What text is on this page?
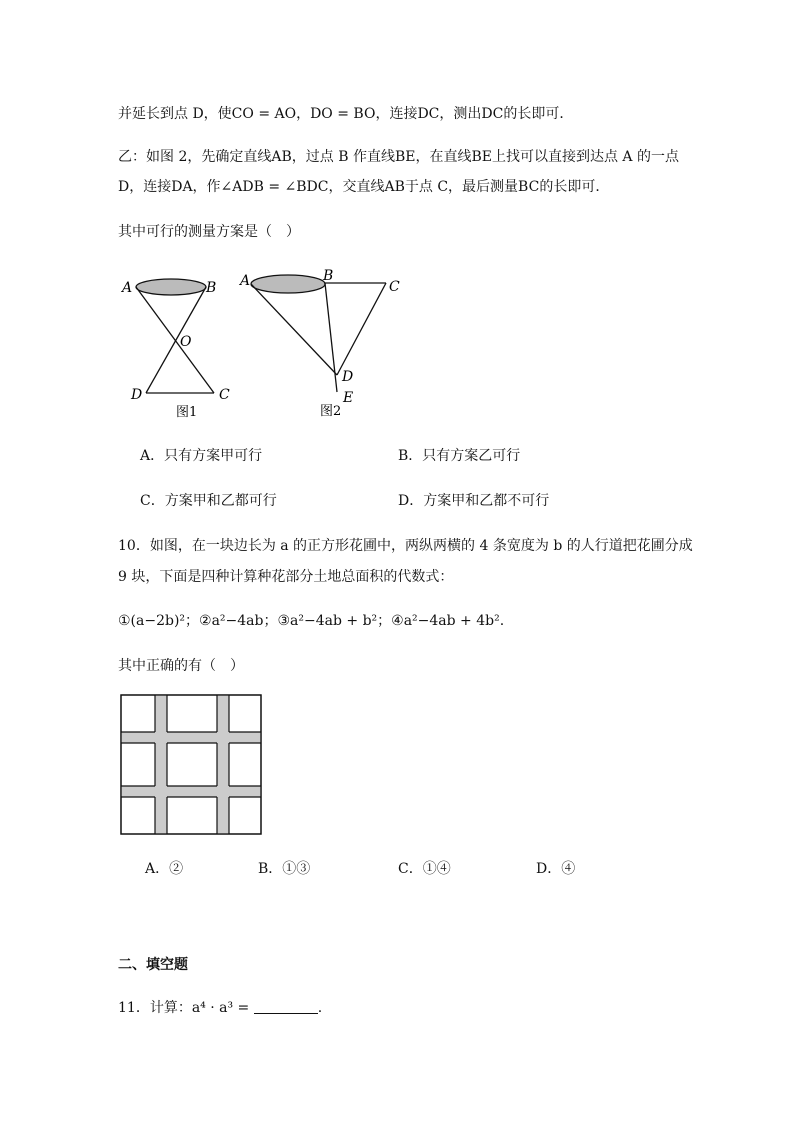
并延长到点 D，使CO = AO，DO = BO，连接DC，测出DC的长即可．
乙：如图 2，先确定直线AB，过点 B 作直线BE，在直线BE上找可以直接到达点 A 的一点
D，连接DA，作∠ADB = ∠BDC，交直线AB于点 C，最后测量BC的长即可．
其中可行的测量方案是（　）
A	B
O
D	C
图1
A	B
C
D
E
图2
A．只有方案甲可行	B．只有方案乙可行
C．方案甲和乙都可行	D．方案甲和乙都不可行
10．如图，在一块边长为 a 的正方形花圃中，两纵两横的 4 条宽度为 b 的人行道把花圃分成
9 块，下面是四种计算种花部分土地总面积的代数式：
①(a−2b)²；②a²−4ab；③a²−4ab + b²；④a²−4ab + 4b².
其中正确的有（　）
A．②	B．①③	C．①④	D．④
二、填空题
11．计算：a⁴ · a³ =	.
